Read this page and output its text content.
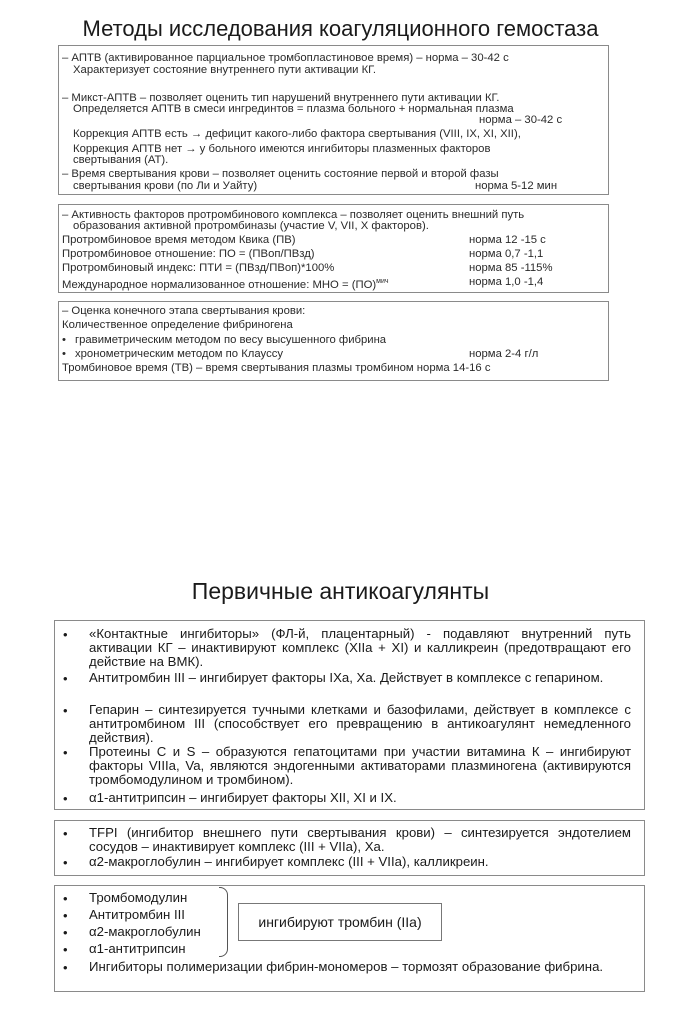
Методы исследования коагуляционного гемостаза
– АПТВ (активированное парциальное тромбопластиновое время) – норма – 30-42 с
Характеризует состояние внутреннего пути активации КГ.
– Микст-АПТВ – позволяет оценить тип нарушений внутреннего пути активации КГ.
Определяется АПТВ в смеси ингрединтов = плазма больного + нормальная плазма
норма – 30-42 с
Коррекция АПТВ есть → дефицит какого-либо фактора свертывания (VIII, IX, XI, XII),
Коррекция АПТВ нет → у больного имеются ингибиторы плазменных факторов
свертывания (АТ).
– Время свертывания крови – позволяет оценить состояние первой и второй фазы
свертывания крови (по Ли и Уайту)	норма 5-12 мин
– Активность факторов протромбинового комплекса – позволяет оценить внешний путь
образования активной протромбиназы (участие V, VII, X факторов).
Протромбиновое время методом Квика (ПВ)	норма 12 -15 с
Протромбиновое отношение: ПО = (ПВоп/ПВзд)	норма 0,7 -1,1
Протромбиновый индекс: ПТИ = (ПВзд/ПВоп)*100%	норма 85 -115%
Международное нормализованное отношение: МНО = (ПО)$^{мич}$	норма 1,0 -1,4
– Оценка конечного этапа свертывания крови:
Количественное определение фибриногена
• гравиметрическим методом по весу высушенного фибрина
• хронометрическим методом по Клауссу	норма 2-4 г/л
Тромбиновое время (ТВ) – время свертывания плазмы тромбином норма 14-16 с
Первичные антикоагулянты
• «Контактные ингибиторы» (ФЛ-й, плацентарный) - подавляют внутренний путь активации КГ – инактивируют комплекс (XIIa + XI) и калликреин (предотвращают его действие на ВМК).
• Антитромбин III – ингибирует факторы IXa, Xa. Действует в комплексе с гепарином.
• Гепарин – синтезируется тучными клетками и базофилами, действует в комплексе с антитромбином III (способствует его превращению в антикоагулянт немедленного действия).
• Протеины C и S – образуются гепатоцитами при участии витамина К – ингибируют факторы VIIIa, Va, являются эндогенными активаторами плазминогена (активируются тромбомодулином и тромбином).
• α1-антитрипсин – ингибирует факторы XII, XI и IX.
• TFPI (ингибитор внешнего пути свертывания крови) – синтезируется эндотелием сосудов – инактивирует комплекс (III + VIIa), Xa.
• α2-макроглобулин – ингибирует комплекс (III + VIIa), калликреин.
• Тромбомодулин
• Антитромбин III
• α2-макроглобулин
• α1-антитрипсин
• Ингибиторы полимеризации фибрин-мономеров – тормозят образование фибрина.
ингибируют тромбин (IIa)
